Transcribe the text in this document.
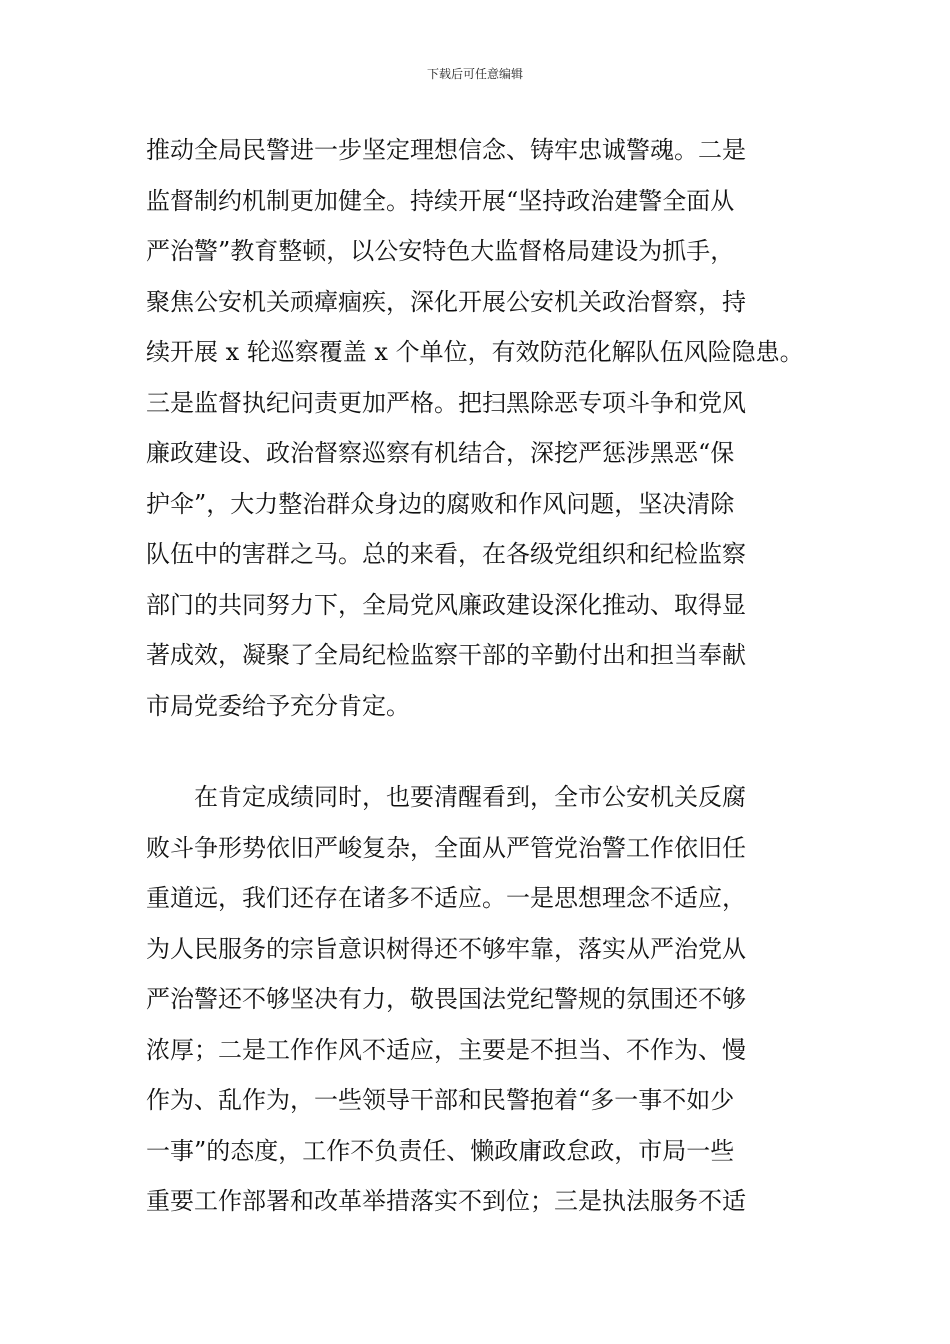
下载后可任意编辑
推动全局民警进一步坚定理想信念、铸牢忠诚警魂。二是
监督制约机制更加健全。持续开展“坚持政治建警全面从
严治警”教育整顿，以公安特色大监督格局建设为抓手，
聚焦公安机关顽瘴痼疾，深化开展公安机关政治督察，持
续开展 x 轮巡察覆盖 x 个单位，有效防范化解队伍风险隐患。
三是监督执纪问责更加严格。把扫黑除恶专项斗争和党风
廉政建设、政治督察巡察有机结合，深挖严惩涉黑恶“保
护伞”，大力整治群众身边的腐败和作风问题，坚决清除
队伍中的害群之马。总的来看，在各级党组织和纪检监察
部门的共同努力下，全局党风廉政建设深化推动、取得显
著成效，凝聚了全局纪检监察干部的辛勤付出和担当奉献
市局党委给予充分肯定。
　　在肯定成绩同时，也要清醒看到，全市公安机关反腐
败斗争形势依旧严峻复杂，全面从严管党治警工作依旧任
重道远，我们还存在诸多不适应。一是思想理念不适应，
为人民服务的宗旨意识树得还不够牢靠，落实从严治党从
严治警还不够坚决有力，敬畏国法党纪警规的氛围还不够
浓厚；二是工作作风不适应，主要是不担当、不作为、慢
作为、乱作为，一些领导干部和民警抱着“多一事不如少
一事”的态度，工作不负责任、懒政庸政怠政，市局一些
重要工作部署和改革举措落实不到位；三是执法服务不适
